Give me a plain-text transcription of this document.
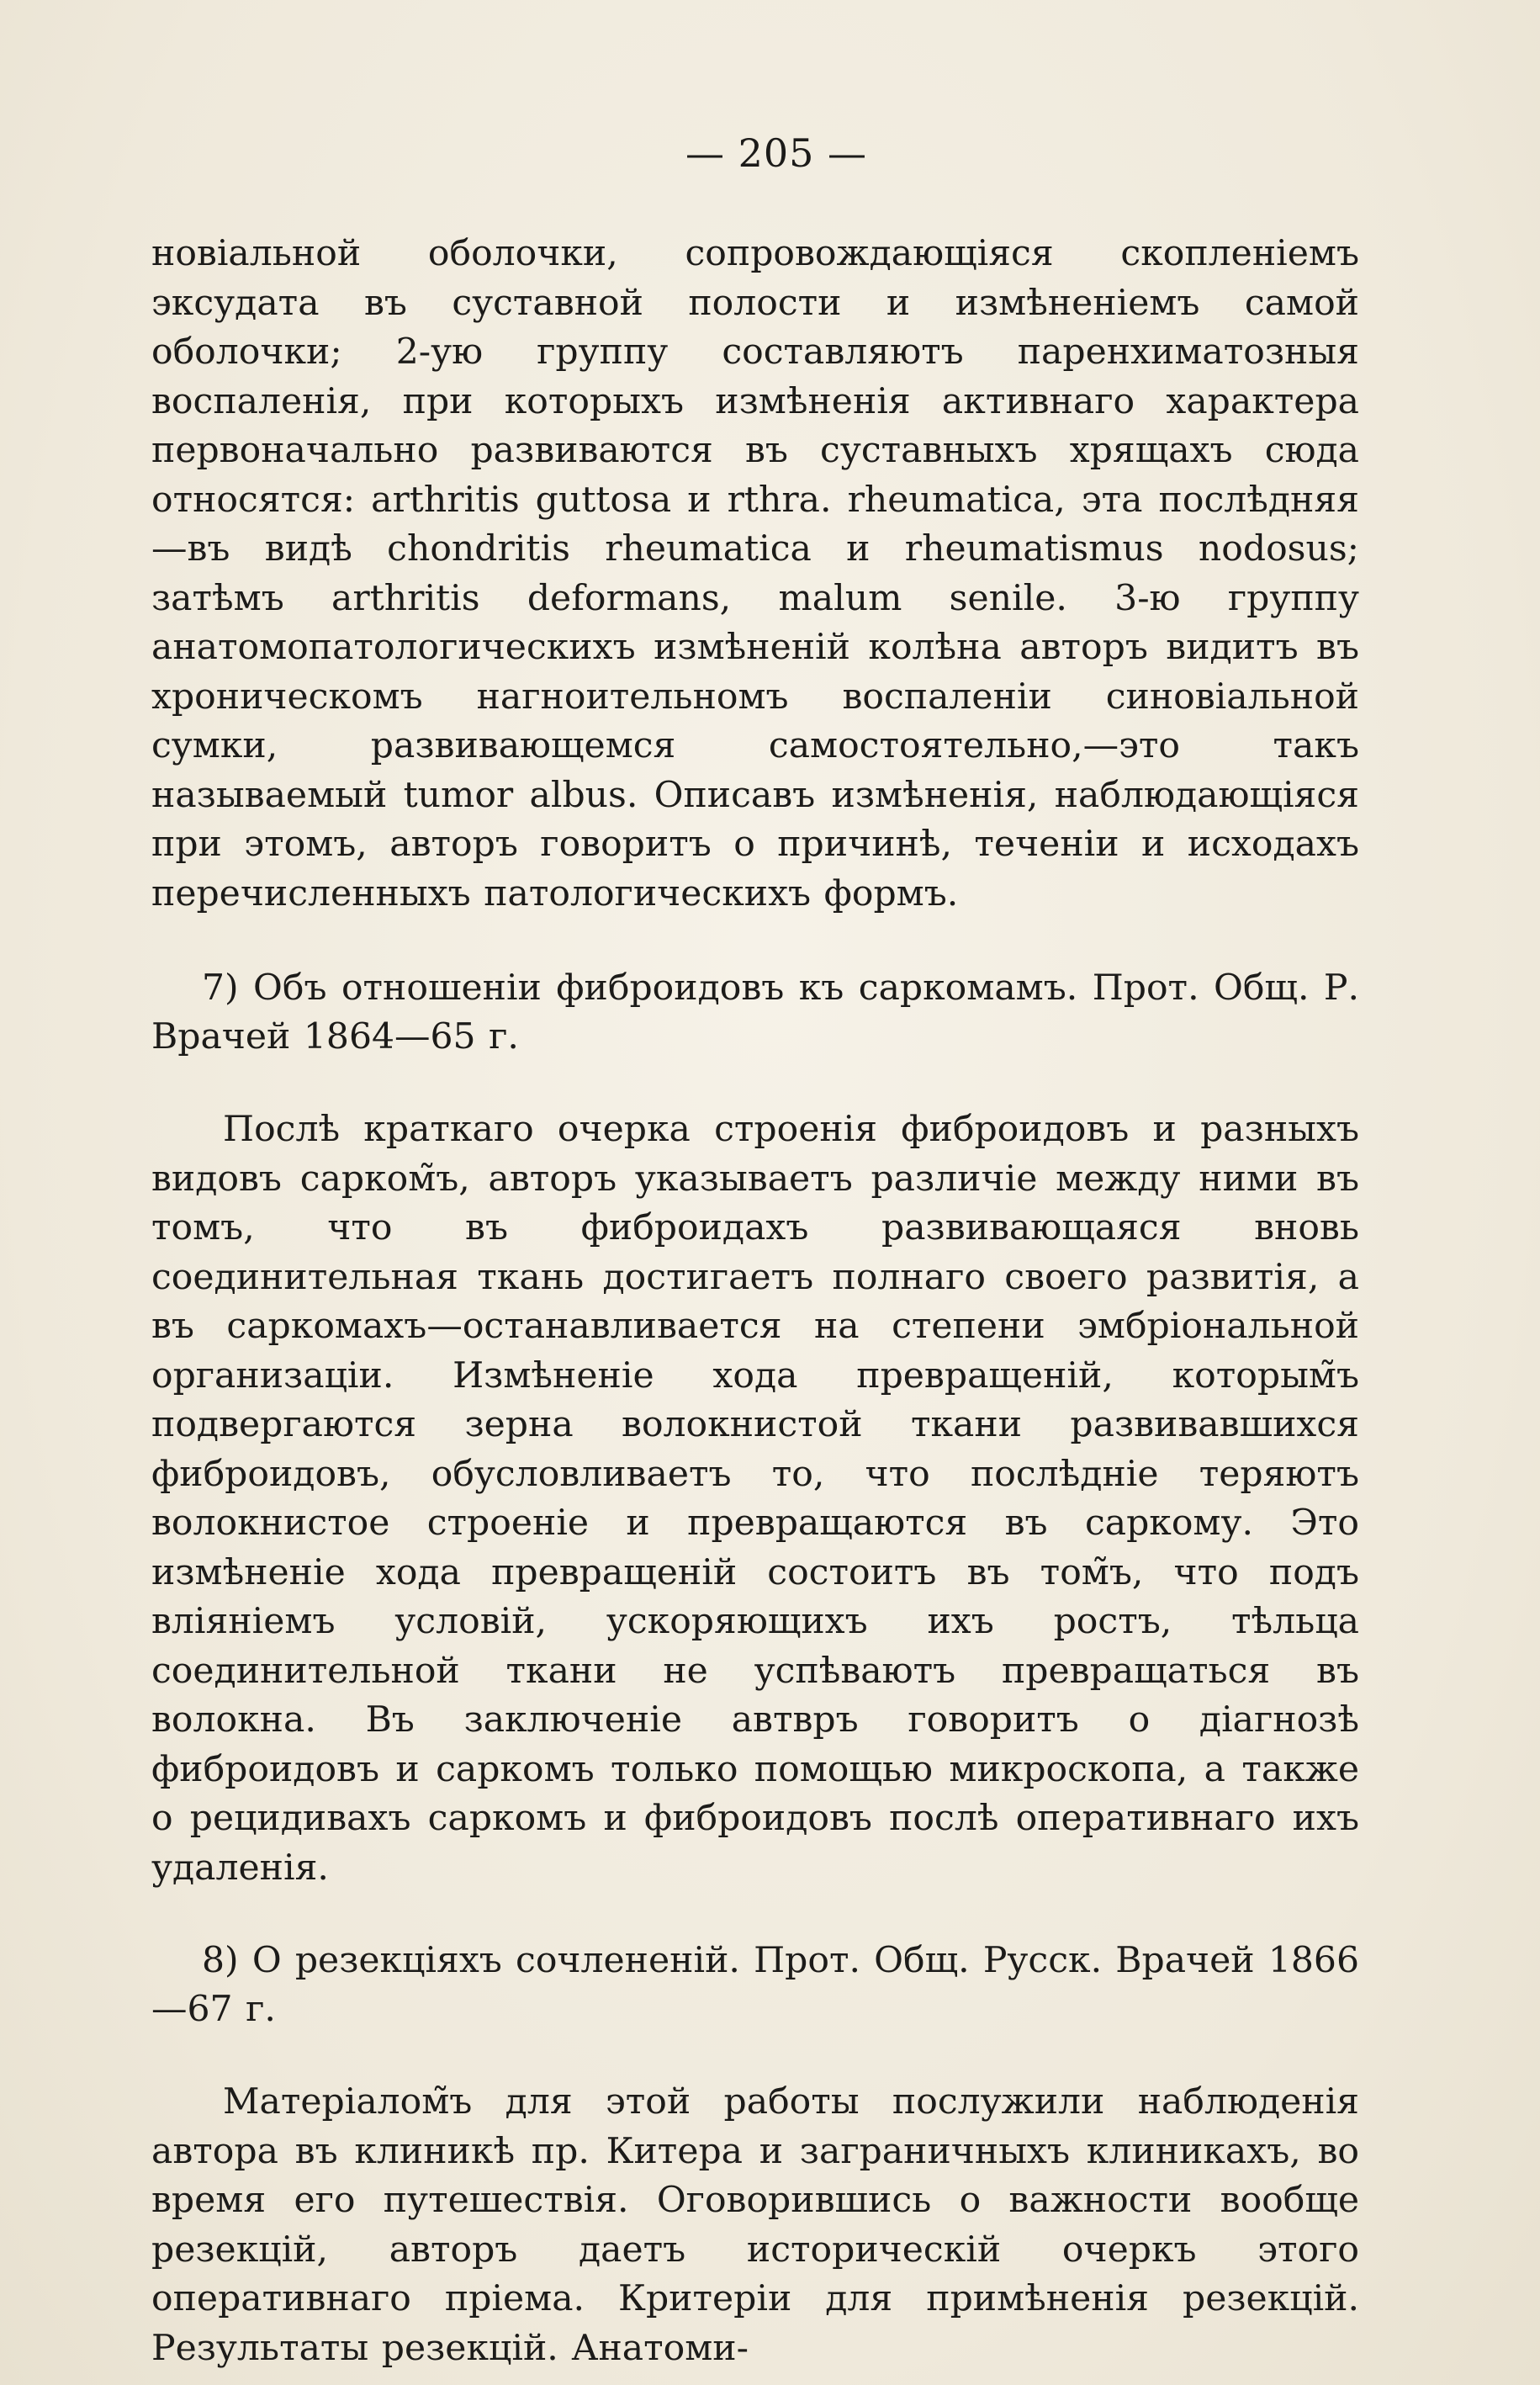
— 205 —

новіальной оболочки, сопровождающіяся скопленіемъ эксудата въ суставной полости и измѣненіемъ самой оболочки; 2-ую группу составляютъ паренхиматозныя воспаленія, при которыхъ измѣненія активнаго характера первоначально развиваются въ суставныхъ хрящахъ сюда относятся: arthritis guttosa и rthra. rheumatica, эта послѣдняя—въ видѣ chondritis rheumatica и rheumatismus nodosus; затѣмъ arthritis deformans, malum senile. 3-ю группу анатомопатологическихъ измѣненій колѣна авторъ видитъ въ хроническомъ нагноительномъ воспаленіи синовіальной сумки, развивающемся самостоятельно,—это такъ называемый tumor albus. Описавъ измѣненія, наблюдающіяся при этомъ, авторъ говоритъ о причинѣ, теченіи и исходахъ перечисленныхъ патологическихъ формъ.

7) Объ отношеніи фиброидовъ къ саркомамъ. Прот. Общ. Р. Врачей 1864—65 г.

Послѣ краткаго очерка строенія фиброидовъ и разныхъ видовъ сарком̃ъ, авторъ указываетъ различіе между ними въ томъ, что въ фиброидахъ развивающаяся вновь соединительная ткань достигаетъ полнаго своего развитія, а въ саркомахъ—останавливается на степени эмбріональной организаціи. Измѣненіе хода превращеній, которым̃ъ подвергаются зерна волокнистой ткани развивавшихся фиброидовъ, обусловливаетъ то, что послѣдніе теряютъ волокнистое строеніе и превращаются въ саркому. Это измѣненіе хода превращеній состоитъ въ том̃ъ, что подъ вліяніемъ условій, ускоряющихъ ихъ ростъ, тѣльца соединительной ткани не успѣваютъ превращаться въ волокна. Въ заключеніе автвръ говоритъ о діагнозѣ фиброидовъ и саркомъ только помощью микроскопа, а также о рецидивахъ саркомъ и фиброидовъ послѣ оперативнаго ихъ удаленія.

8) О резекціяхъ сочлененій. Прот. Общ. Русск. Врачей 1866—67 г.

Матеріалом̃ъ для этой работы послужили наблюденія автора въ клиникѣ пр. Китера и заграничныхъ клиникахъ, во время его путешествія. Оговорившись о важности вообще резекцій, авторъ даетъ историческій очеркъ этого оперативнаго пріема. Критеріи для примѣненія резекцій. Результаты резекцій. Анатоми-
